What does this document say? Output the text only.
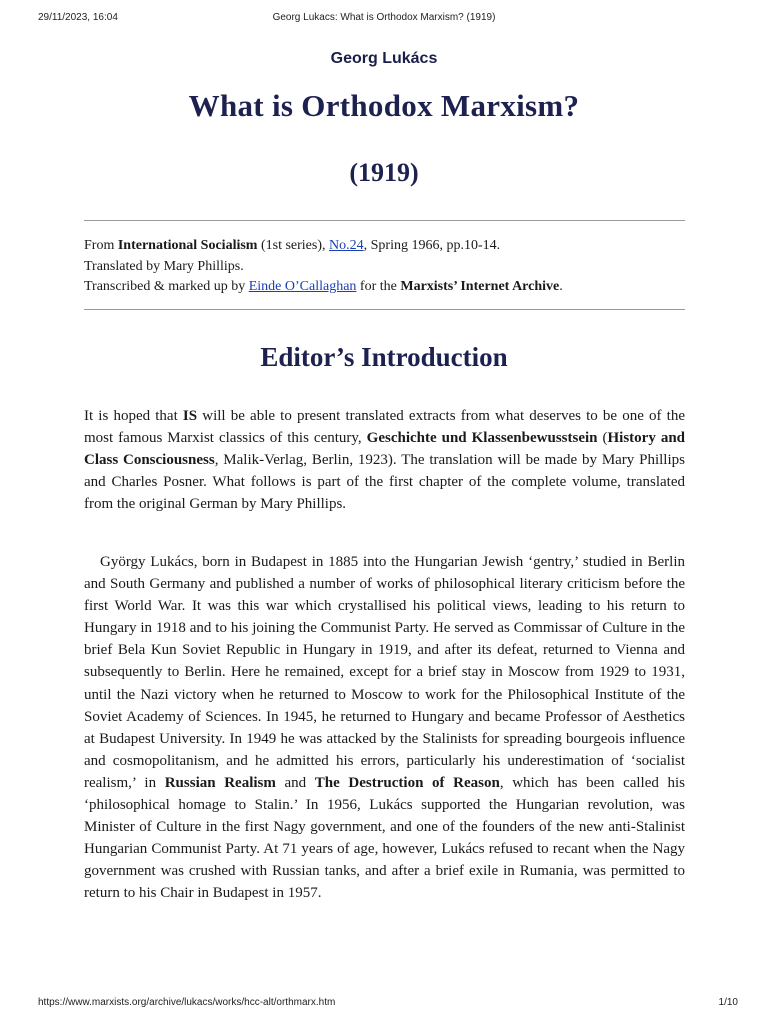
29/11/2023, 16:04	Georg Lukacs: What is Orthodox Marxism? (1919)
Georg Lukács
What is Orthodox Marxism?
(1919)
From International Socialism (1st series), No.24, Spring 1966, pp.10-14.
Translated by Mary Phillips.
Transcribed & marked up by Einde O’Callaghan for the Marxists’ Internet Archive.
Editor’s Introduction

It is hoped that IS will be able to present translated extracts from what deserves to be one of the most famous Marxist classics of this century, Geschichte und Klassenbewusstsein (History and Class Consciousness, Malik-Verlag, Berlin, 1923). The translation will be made by Mary Phillips and Charles Posner. What follows is part of the first chapter of the complete volume, translated from the original German by Mary Phillips.

György Lukács, born in Budapest in 1885 into the Hungarian Jewish ‘gentry,’ studied in Berlin and South Germany and published a number of works of philosophical literary criticism before the first World War. It was this war which crystallised his political views, leading to his return to Hungary in 1918 and to his joining the Communist Party. He served as Commissar of Culture in the brief Bela Kun Soviet Republic in Hungary in 1919, and after its defeat, returned to Vienna and subsequently to Berlin. Here he remained, except for a brief stay in Moscow from 1929 to 1931, until the Nazi victory when he returned to Moscow to work for the Philosophical Institute of the Soviet Academy of Sciences. In 1945, he returned to Hungary and became Professor of Aesthetics at Budapest University. In 1949 he was attacked by the Stalinists for spreading bourgeois influence and cosmopolitanism, and he admitted his errors, particularly his underestimation of ‘socialist realism,’ in Russian Realism and The Destruction of Reason, which has been called his ‘philosophical homage to Stalin.’ In 1956, Lukács supported the Hungarian revolution, was Minister of Culture in the first Nagy government, and one of the founders of the new anti-Stalinist Hungarian Communist Party. At 71 years of age, however, Lukács refused to recant when the Nagy government was crushed with Russian tanks, and after a brief exile in Rumania, was permitted to return to his Chair in Budapest in 1957.

https://www.marxists.org/archive/lukacs/works/hcc-alt/orthmarx.htm	1/10
